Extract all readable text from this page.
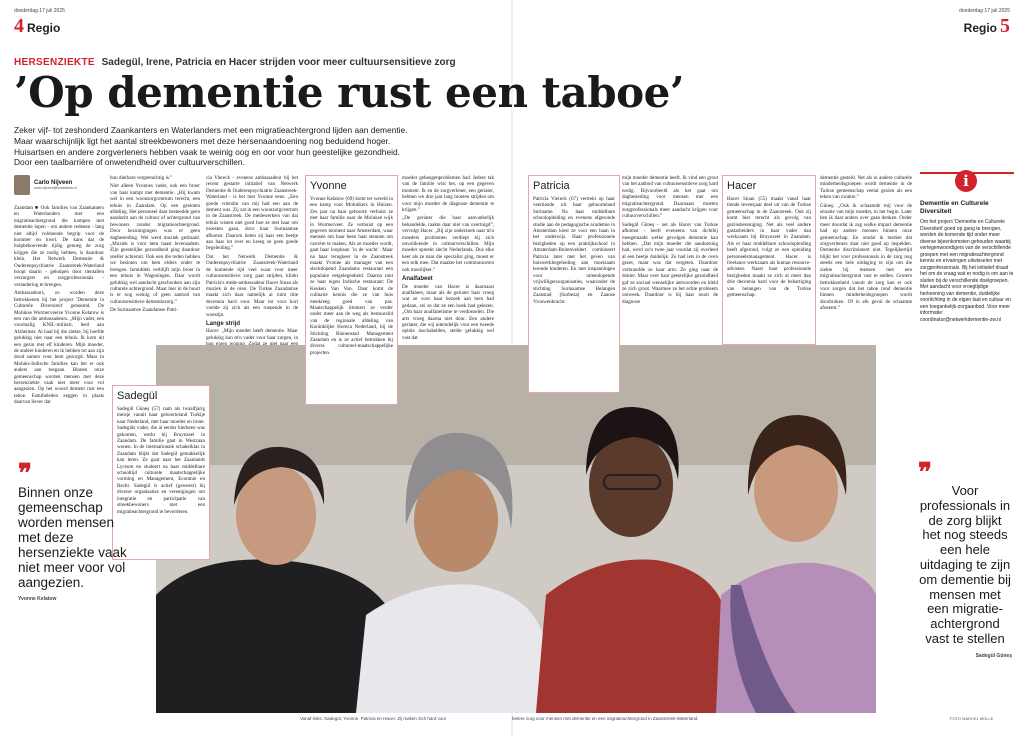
donderdag 17 juli 2025
4 Regio
donderdag 17 juli 2025
Regio 5
HERSENZIEKTE Sadegül, Irene, Patricia en Hacer strijden voor meer cultuursensitieve zorg
’Op dementie rust een taboe’

Zeker vijf- tot zeshonderd Zaankanters en Waterlanders met een migratieachtergrond lijden aan dementie.

Maar waarschijnlijk ligt het aantal streekbewoners met deze hersenaandoening nog beduidend hoger.

Huisartsen en andere zorgverleners hebben vaak te weinig oog en oor voor hun geestelijke gezondheid.

Door een taalbarrière of onwetendheid over cultuurverschillen.

Carlo Nijveen
carlo.nijveen@mediahuis.nl

Zaandam ■ Ook families van Zaankanters en Waterlanders met een migratieachtergrond die kampen met dementie lopen - om andere redenen - lang niet altijd voldoende begrip voor de kommer en kwel. De kans dat de hulpbehoevende tijdig genoeg de zorg krijgen die ze nodig hebben, is daardoor klein. Het Netwerk Dementie & Ouderenpsychiatrie Zaanstreek-Waterland hoopt daarin - geholpen door tientallen verzorgers en zorgprofessionals - verandering te brengen.

Ambassadeurs, zo worden deze betrokkenen bij het project 'Dementie in Culturele Diversiteit' genoemd. De Molukse Wormerveerse Yvonne Kelatow is een van die ambassadeurs. „Mijn vader, een voormalig KNIL-militair, leed aan Alzheimer. Al haal bij die ziekte, bij hoefde gelukkig niet naar een tehuis. Ik kom uit een gezin met elf kinderen. Mijn moeder, de andere kinderen en ik hebben tot aan zijn dood samen voor hem gezorgd. Maar in Moluks-Indische families kan het er ook anders aan toegaan. Binnen onze gemeenschap worden mensen met deze hersenziekte vaak niet meer voor vol aangezien. Op het woord dement rust een taboe. Familieleden zeggen in plaats daarvan liever dat

hun dierbare vergeetachtig is.”

Niet alleen Yvonnes vader, ook een broer van haar kampt met dementie. „Hij kwam wel in een woonzorgcentrum terecht, een tehuis in Zaandam. Op een gesloten afdeling. Het personeel daar besteedde geen aandacht aan de cultuur of achtergrond van bewoners zonder migratieachtergrond. Door bezuinigingen was er geen dagbesteding. Wel werd muziek gedraaid. „Muziek is voor hem haast levensadem. Zijn geestelijke gezondheid ging daardoor sneller achteruit. Ook een die reden hebben we besloten om hem elders onder te brengen. Inmiddels verblijft mijn broer in een tehuis in Wageningen. Daar wordt gelukkig wel aandacht geschonken aan zijn culturele achtergrond. Maar hier in de buurt is er nog weinig of geen aanbod van cultuursensitieve dementiezorg.”

De Surinaamse Zaandamse Patri-

cia Viereck - evenens ambassadeur bij het recent gestarte initiatief van Netwerk Dementie & Ouderenpsychiatrie Zaanstreek-Waterland - is het met Yvonne eens. „Een goede vriendin van mij had een aan de dement was. Zij zat in een woonzorgcentrum in de Zaanstreek. De medewerkers van dat tehuis wisten niet goed hoe ze met haar om moesten gaan, door haar Surinaamse afkomst. Daarom lieten zij haar een beetje aan haar lot over en kreeg ze geen goede begeleiding.”

Dat het Netwerk Dementie & Ouderenpsychiatrie Zaanstreek-Waterland de komende tijd veel waar voor meer cultuursensitieve zorg gaat strijden, klinkt Patricia's mede-ambassadeur Hacer Sinan als muziek in de oren. De Turkse Zaandamse maakt zich daar namelijk al ruim drie decennia hard voor. Maar tot voor kort voelde zij zich als een roepende in de woestijn.

Lange strijd

Hacer: „Mijn moeder heeft dementie. Maar gelukkig kan m'n vader voor haar zorgen, in

moeder geheugenproblemen had. Iedere tak van de familie wist het, op een gegeven moment. Ik en de zorgverlener, een geriater, hebben we drie jaar lang moeten strijden om voor mijn moeder de diagnose dementie te krijgen.”

„De geriater die haar aanvankelijk behandelde, raakte daar niet van overtuigd”, vervolgt Hacer. „Bij zijn onderzoek naar m'n moeders problemen verdiept hij zich onvoldoende in cultuurverschillen. Mijn moeder spreekt slecht Nederlands. Dus elke keer als ze naar die specialist ging, moest er een tolk mee. Dat maakte het communiceren ook moeilijker.”

Analfabeet

De moeder van Hacer is daarnaast analfabeet, maar als de geriater haar vroeg wat ze voor haar bezoek aan hem had gedaan, zei ze dat ze een boek had gelezen. „Om haar analfabetisme te verdoezelen. Die arts vroeg daarna niet door. Een andere geriater, die wij uiteindelijk voor een tweede opinie inschakelden, stelde gelukkig wel vast dat

mijn moeder dementie heeft. Ik vind een groot van het aanbod van cultuursensitieve zorg hard nodig. Bijvoorbeeld als het gaat om dagbesteding voor mensen met een migratieachtergrond. Daarnaast moeten zorgprofessionals meer aandacht krijgen voor cultuurverschillen.”

Sadegül Güneş - net als Hacer van Turkse afkomst - heeft eveneens van dichtbij meegemaakt welke gevolgen dementie kan hebben. „Dat mijn moeder die aandoening had, werd zo'n twee jaar voordat zij overleed al een beetje duidelijk. Ze had iets in de oven gezet, maar was dat vergeten. Daardoor verbrandde ze haar arm. Ze ging naar de dokter. Maar over haar geestelijke gezondheid gaf ze sociaal wenselijke antwoorden en bleld ze zich groot. Waarmee ze het echte probleem ontweek. Daardoor is bij haar nooit de diagnose

dementie gesteld. Net als in andere culturele minderheidsgroepen wordt dementie in de Turkse gemeenschap veelal gezien als een teken van zwakte.”

Güneş: „Ook ik schaamde mij voor de situatie van mijn moeder, in het begin. Later ben ik daar anders over gaan denken. Onder meer doordat ik zag welke impact dementie had op andere mensen binnen onze gemeenschap. En omdat ik merkte dat zorgverleners daar niet goed op inspelden. Dementie discrimineert niet. Tegelijkertijd blijkt het voor professionals in de zorg nog steeds een hele uitdaging te zijn om die ziekte bij mensen met een migratieachtergrond vast te stellen. Grotere betrokkenheid vanuit de zorg kan er ook voor zorgen dat het taboe rond dementie binnen minderheidsgroepen wordt doorbroken. Of in elk geval de schaamte afneemt.”

Sadegül
Sadegül Güneş (57) nam als twaalfjarig meisje vanuit haar geboorteland Turkije naar Nederland, met haar moeder en broer. Sadegüls vader, die al eerder hierheen was gekomen, werkt bij Bruynzeel in Zaandam. De familie gaat in Westzaan wonen. In de internationale schakelklas in Zaandam blijkt dat Sadegül gemakkelijk kan leren. Ze gaat naar het Zaanlands Lyceum en studeert na haar middelbare schooltijd culturele maatschappelijke vorming en Management, Econmie en Recht. Sadegül is actief (geweest) bij diverse organisaties en verenigingen om integratie en participatie van streekbewoners met een migratieachtergrond te bevorderen.
Yvonne
Yvonne Kelatow (69) komt ter wereld in een kamp voor Molukkers in Huizen. Zes jaar na haar geboorte verhuist ze met haar familie naar de Molukse wijk in Wormerveer. Ze verhuist op een gegeven moment naar Amsterdam, waar mensen om haar heen haar steunen om carrière te maken. Als ze moeder wordt, gaat haar loopbaan ’in de wacht’. Maar na haar terugkeer in de Zaanstreek maakt Yvonne als manager van een slechtlopend Zaandams restaurant een populaire eetgelegenheid. Daarna runt ze haar eigen Indische restaurant: De Keuken Van Von. Daar komt de culinaire kennis die ze van huis meekreeg goed van pas. Maatschappelijk timmert ze verder onder meer aan de weg als bestuurslid van de regionale afdeling van Koninklijke Horeca Nederland, bij de Stichting Binnenstad Management Zaandam en is ze actief betrokken bij diverse cultureel-maatschappelijke projecten.
Patricia
Patricia Viereck (67) vertrekt op haar veertiende uit haar geboorteland Suriname. Na haar middelbare schoolopleiding en evenens afgeronde studie aan de pedagogische academie in Amsterdam kiest ze voor een baan in het onderwijs. Haar professionele bezigheden op een praktijkschool in Amsterdam-Buitenveldert combineert Patricia later met het geven van huiswerkbegeleiding aan moeizaam lerende kinderen. En met inspanningen voor uiteenlopende vrijwilligersorganisaties, waaronder de stichting Surinaamse Belangen Zaanstad (Surbeza) en Zaanse Vrouwenkracht.
Hacer
Hacer Sinan (55) maakt vanaf haar tiende levensjaar deel uit van de Turkse gemeenschap in de Zaanstreek. Ook zij komt hier terecht als gevolg van gezinshereniging. Net als veel andere gastarbeiders in haar vader dan werkzaam bij Bruynzeel in Zaandam. Als er haar middelbare schoolopleiding heeft afgerond, volgt ze een opleiding personeelsmanagement. Hacer is freelance werkzaam als human resource-adviseur. Naast haar professionele bezigheden maakt ze zich al meer dan drie decennia hard voor de behartiging van belangen van de Turkse gemeenschap.
i
Dementie en Culturele Diversiteit
Om het project 'Dementie en Culturele Diversiteit' goed op gang te brengen, worden de komende tijd onder meer diverse bijeenkomsten gehouden waarbij vertegenwoordigers van de verschillende groepen met een migratieachtergrond kennis en ervaringen uitwisselen met zorgprofessionals. Bij het initiatief draait het om de vraag wat er nodig is om aan te sluiten bij de verschillende doelgroepen. Met aandacht voor vroegtijdige herkenning van dementie, duidelijke voorlichting in de eigen taal en cultuur en een toegankelijk-zorgaanbod. Voor meer informatie: coordinator@netwerkdementie-zw.nl
❞
Binnen onze gemeenschap worden mensen met deze hersenziekte vaak niet meer voor vol aangezien.
Yvonne Kelatow
❞
Voor professionals in de zorg blijkt het nog steeds een hele uitdaging te zijn om dementie bij mensen met een migratie-achtergrond vast te stellen
Sadegül Güneş
Vanaf links: Sadegül, Yvonne, Patricia en Hacer. Zij maken zich hard voor	betere zorg voor mensen met dementie en een migratieachtergrond in Zaanstreek-Waterland.	FOTO MARCEL MOLLE
